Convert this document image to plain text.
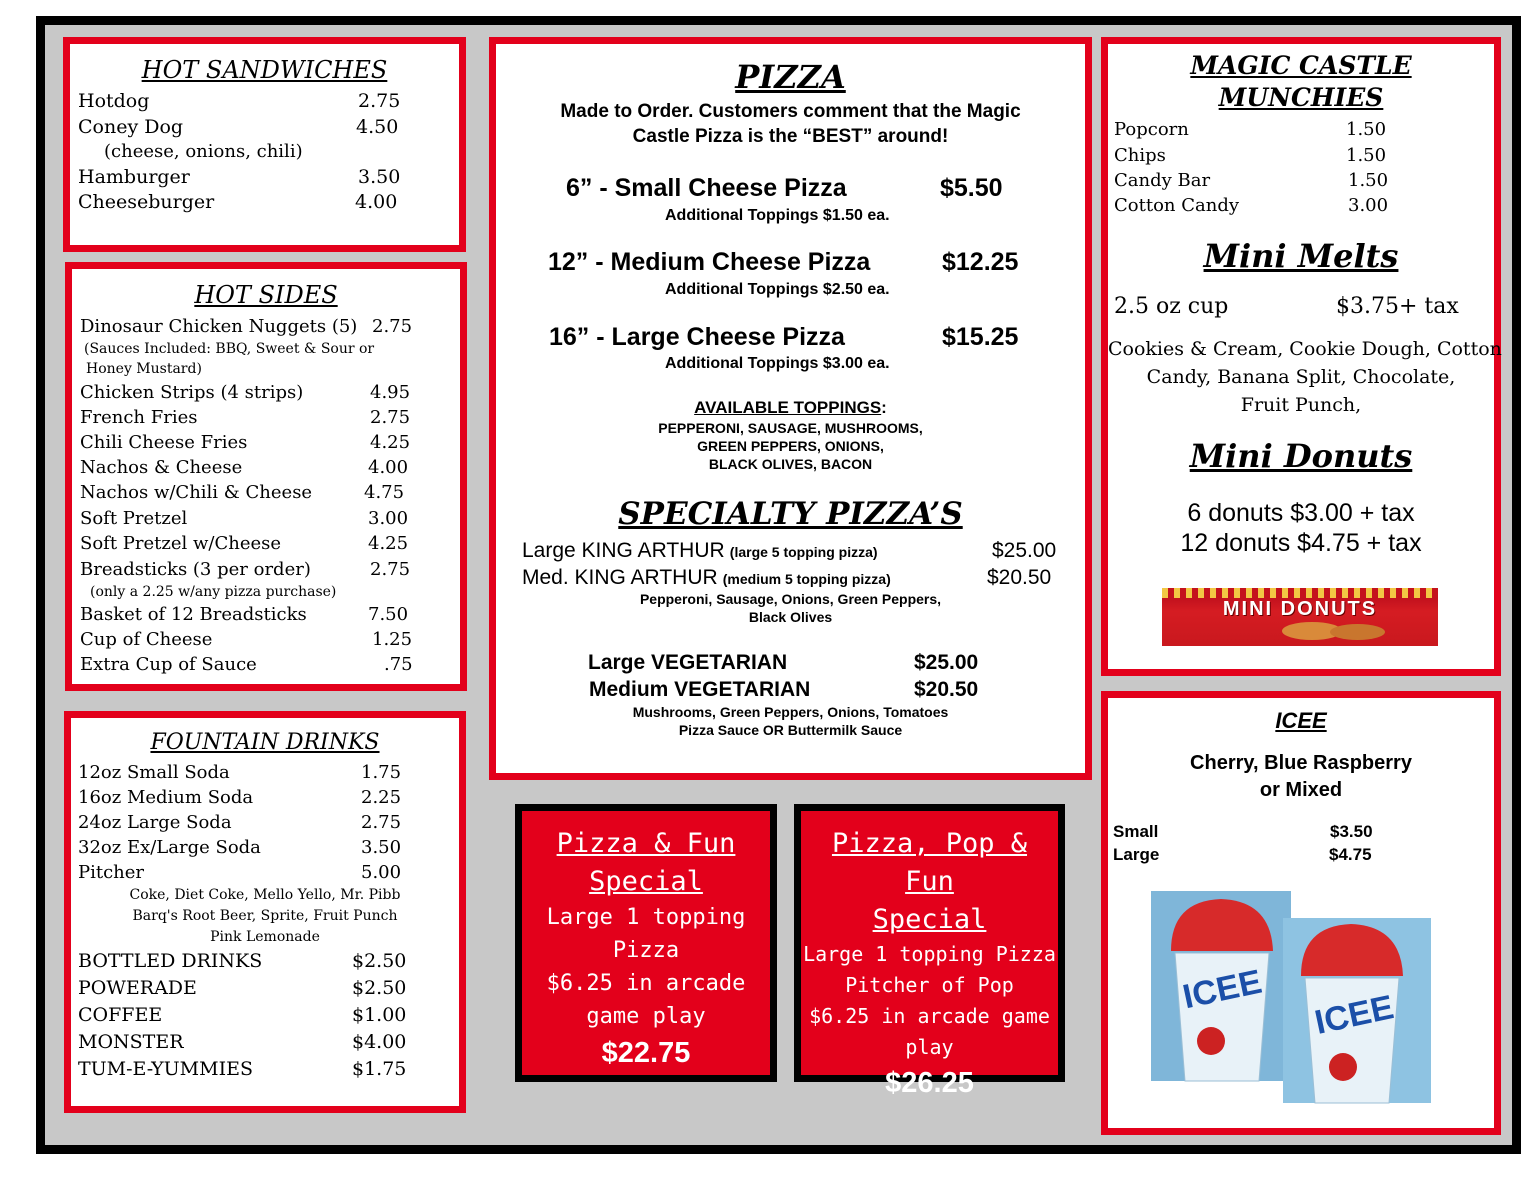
HOT SANDWICHES
Hotdog	2.75
Coney Dog	4.50
(cheese, onions, chili)
Hamburger	3.50
Cheeseburger	4.00
HOT SIDES
Dinosaur Chicken Nuggets (5) 2.75
(Sauces Included: BBQ, Sweet & Sour or
Honey Mustard)
Chicken Strips (4 strips)	4.95
French Fries	2.75
Chili Cheese Fries	4.25
Nachos & Cheese	4.00
Nachos w/Chili & Cheese	4.75
Soft Pretzel	3.00
Soft Pretzel w/Cheese	4.25
Breadsticks (3 per order)	2.75
(only a 2.25 w/any pizza purchase)
Basket of 12 Breadsticks	7.50
Cup of Cheese	1.25
Extra Cup of Sauce	.75
FOUNTAIN DRINKS
12oz Small Soda	1.75
16oz Medium Soda	2.25
24oz Large Soda	2.75
32oz Ex/Large Soda	3.50
Pitcher	5.00
Coke, Diet Coke, Mello Yello, Mr. Pibb
Barq's Root Beer, Sprite, Fruit Punch
Pink Lemonade
BOTTLED DRINKS	$2.50
POWERADE	$2.50
COFFEE	$1.00
MONSTER	$4.00
TUM-E-YUMMIES	$1.75
PIZZA
Made to Order. Customers comment that the Magic
Castle Pizza is the “BEST” around!
6” - Small Cheese Pizza	$5.50
Additional Toppings $1.50 ea.
12” - Medium Cheese Pizza	$12.25
Additional Toppings $2.50 ea.
16” - Large Cheese Pizza	$15.25
Additional Toppings $3.00 ea.
AVAILABLE TOPPINGS:
PEPPERONI, SAUSAGE, MUSHROOMS,
GREEN PEPPERS, ONIONS,
BLACK OLIVES, BACON
SPECIALTY PIZZA’S
Large KING ARTHUR (large 5 topping pizza)	$25.00
Med. KING ARTHUR (medium 5 topping pizza)	$20.50
Pepperoni, Sausage, Onions, Green Peppers,
Black Olives
Large VEGETARIAN	$25.00
Medium VEGETARIAN	$20.50
Mushrooms, Green Peppers, Onions, Tomatoes
Pizza Sauce OR Buttermilk Sauce
Pizza & Fun
Special
Large 1 topping Pizza
$6.25 in arcade
game play
$22.75
Pizza, Pop & Fun
Special
Large 1 topping Pizza
Pitcher of Pop
$6.25 in arcade game
play
$26.25
MAGIC CASTLE
MUNCHIES
Popcorn	1.50
Chips	1.50
Candy Bar	1.50
Cotton Candy	3.00
Mini Melts
2.5 oz cup	$3.75+ tax
Cookies & Cream, Cookie Dough, Cotton
Candy, Banana Split, Chocolate,
Fruit Punch,
Mini Donuts
6 donuts $3.00 + tax
12 donuts $4.75 + tax
MINI DONUTS
ICEE
Cherry, Blue Raspberry
or Mixed
Small	$3.50
Large	$4.75
ICEE ICEE
